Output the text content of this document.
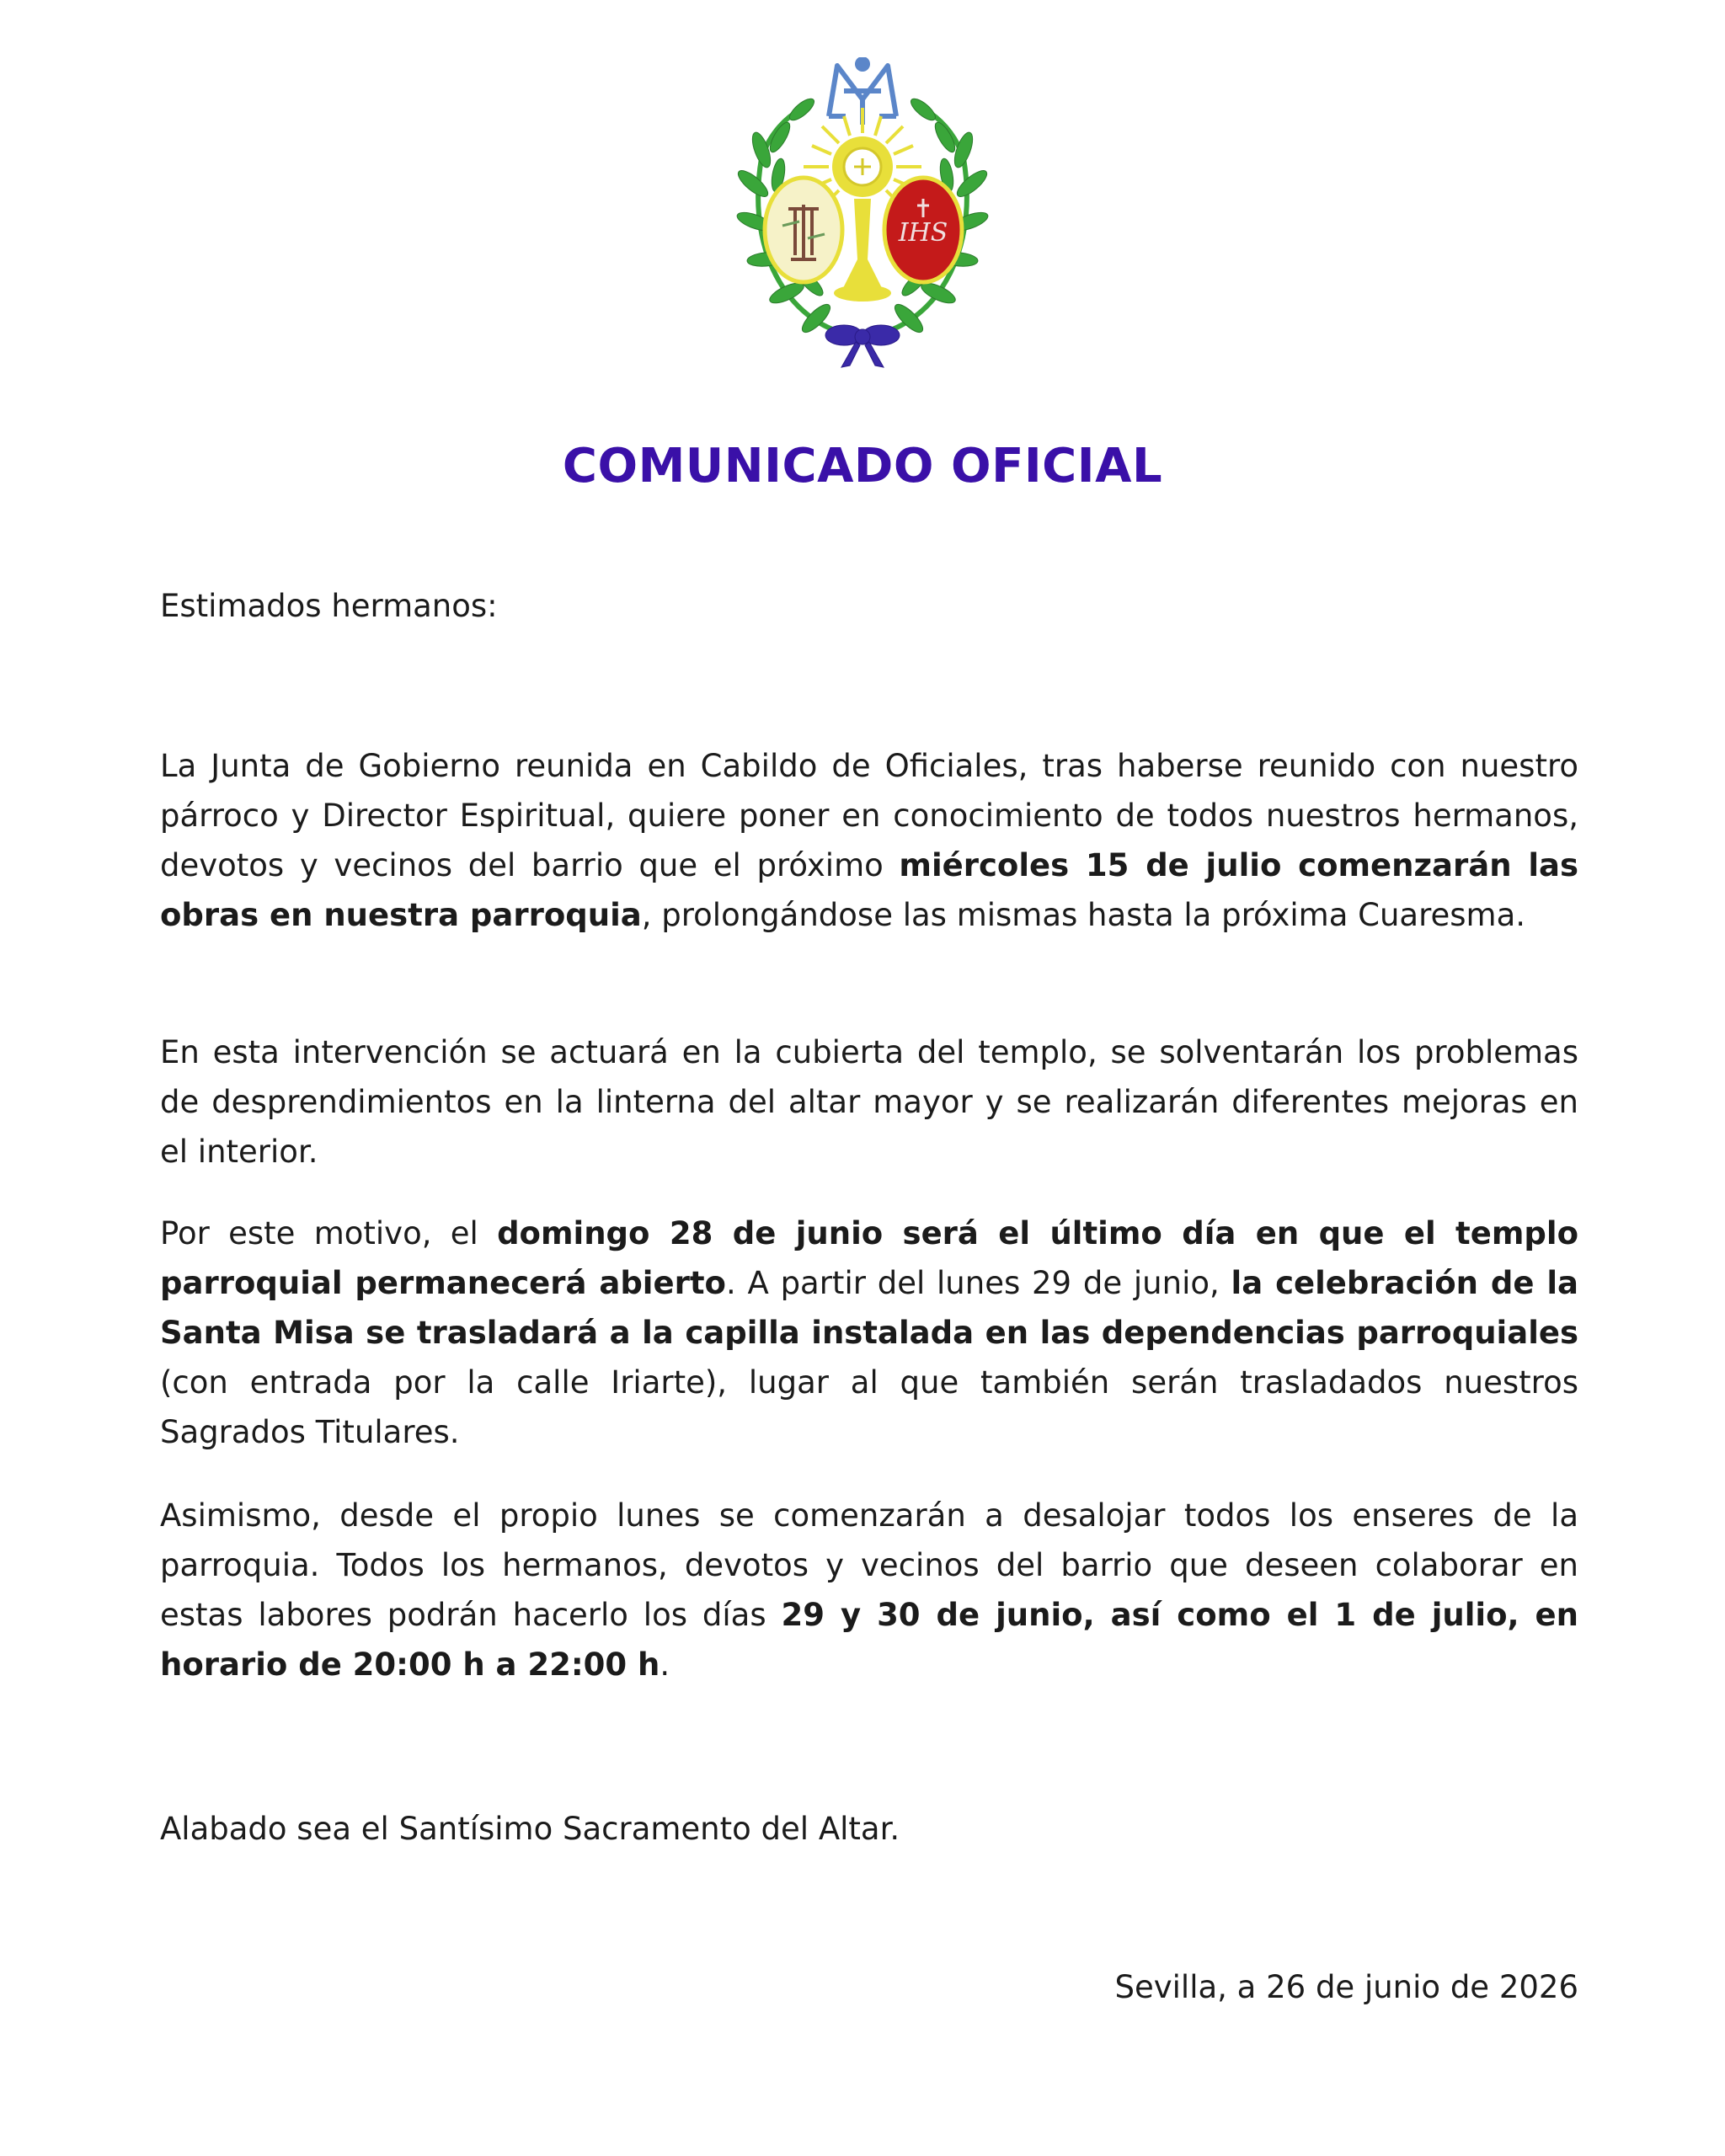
IHS
COMUNICADO OFICIAL
Estimados hermanos:

La Junta de Gobierno reunida en Cabildo de Oficiales, tras haberse reunido con nuestro párroco y Director Espiritual, quiere poner en conocimiento de todos nuestros hermanos, devotos y vecinos del barrio que el próximo miércoles 15 de julio comenzarán las obras en nuestra parroquia, prolongándose las mismas hasta la próxima Cuaresma.

En esta intervención se actuará en la cubierta del templo, se solventarán los problemas de desprendimientos en la linterna del altar mayor y se realizarán diferentes mejoras en el interior.

Por este motivo, el domingo 28 de junio será el último día en que el templo parroquial permanecerá abierto. A partir del lunes 29 de junio, la celebración de la Santa Misa se trasladará a la capilla instalada en las dependencias parroquiales (con entrada por la calle Iriarte), lugar al que también serán trasladados nuestros Sagrados Titulares.

Asimismo, desde el propio lunes se comenzarán a desalojar todos los enseres de la parroquia. Todos los hermanos, devotos y vecinos del barrio que deseen colaborar en estas labores podrán hacerlo los días 29 y 30 de junio, así como el 1 de julio, en horario de 20:00 h a 22:00 h.

Alabado sea el Santísimo Sacramento del Altar.
Sevilla, a 26 de junio de 2026
